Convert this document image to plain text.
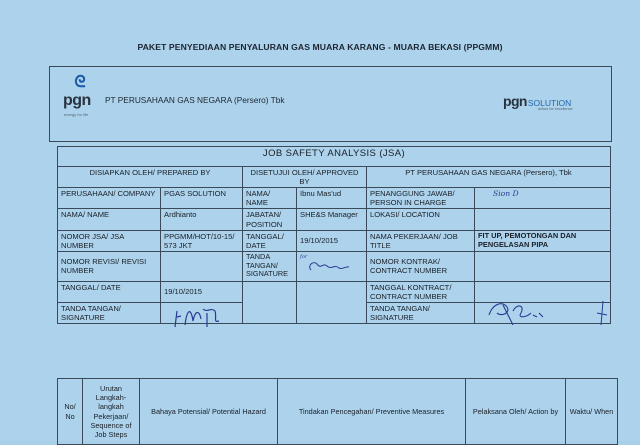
PAKET PENYEDIAAN PENYALURAN GAS MUARA KARANG - MUARA BEKASI (PPGMM)
ᘓ
pgn
energy for life
PT PERUSAHAAN GAS NEGARA (Persero) Tbk	pgnSOLUTION
action for excellence
JOB SAFETY ANALYSIS (JSA)					
DISIAPKAN OLEH/ PREPARED BY		DISETUJUI OLEH/ APPROVED BY		PT PERUSAHAAN GAS NEGARA (Persero), Tbk	
PERUSAHAAN/ COMPANY	PGAS SOLUTION	NAMA/ NAME	Ibnu Mas'ud	PENANGGUNG JAWAB/ PERSON IN CHARGE	Sion D
NAMA/ NAME	Ardhianto	JABATAN/ POSITION	SHE&S Manager	LOKASI/ LOCATION	
NOMOR JSA/ JSA NUMBER	PPGMM/HOT/10-15/ 573 JKT	TANGGAL/ DATE	19/10/2015	NAMA PEKERJAAN/ JOB TITLE	FIT UP, PEMOTONGAN DAN PENGELASAN PIPA
NOMOR REVISI/ REVISI NUMBER		TANDA TANGAN/ SIGNATURE	for	NOMOR KONTRAK/ CONTRACT NUMBER	
TANGGAL/ DATE	19/10/2015			TANGGAL KONTRACT/ CONTRACT NUMBER	
TANDA TANGAN/ SIGNATURE				TANDA TANGAN/ SIGNATURE	
No/ No	Urutan Langkah-langkah Pekerjaan/ Sequence of Job Steps	Bahaya Potensial/ Potential Hazard	Tindakan Pencegahan/ Preventive Measures	Pelaksana Oleh/ Action by	Waktu/ When
